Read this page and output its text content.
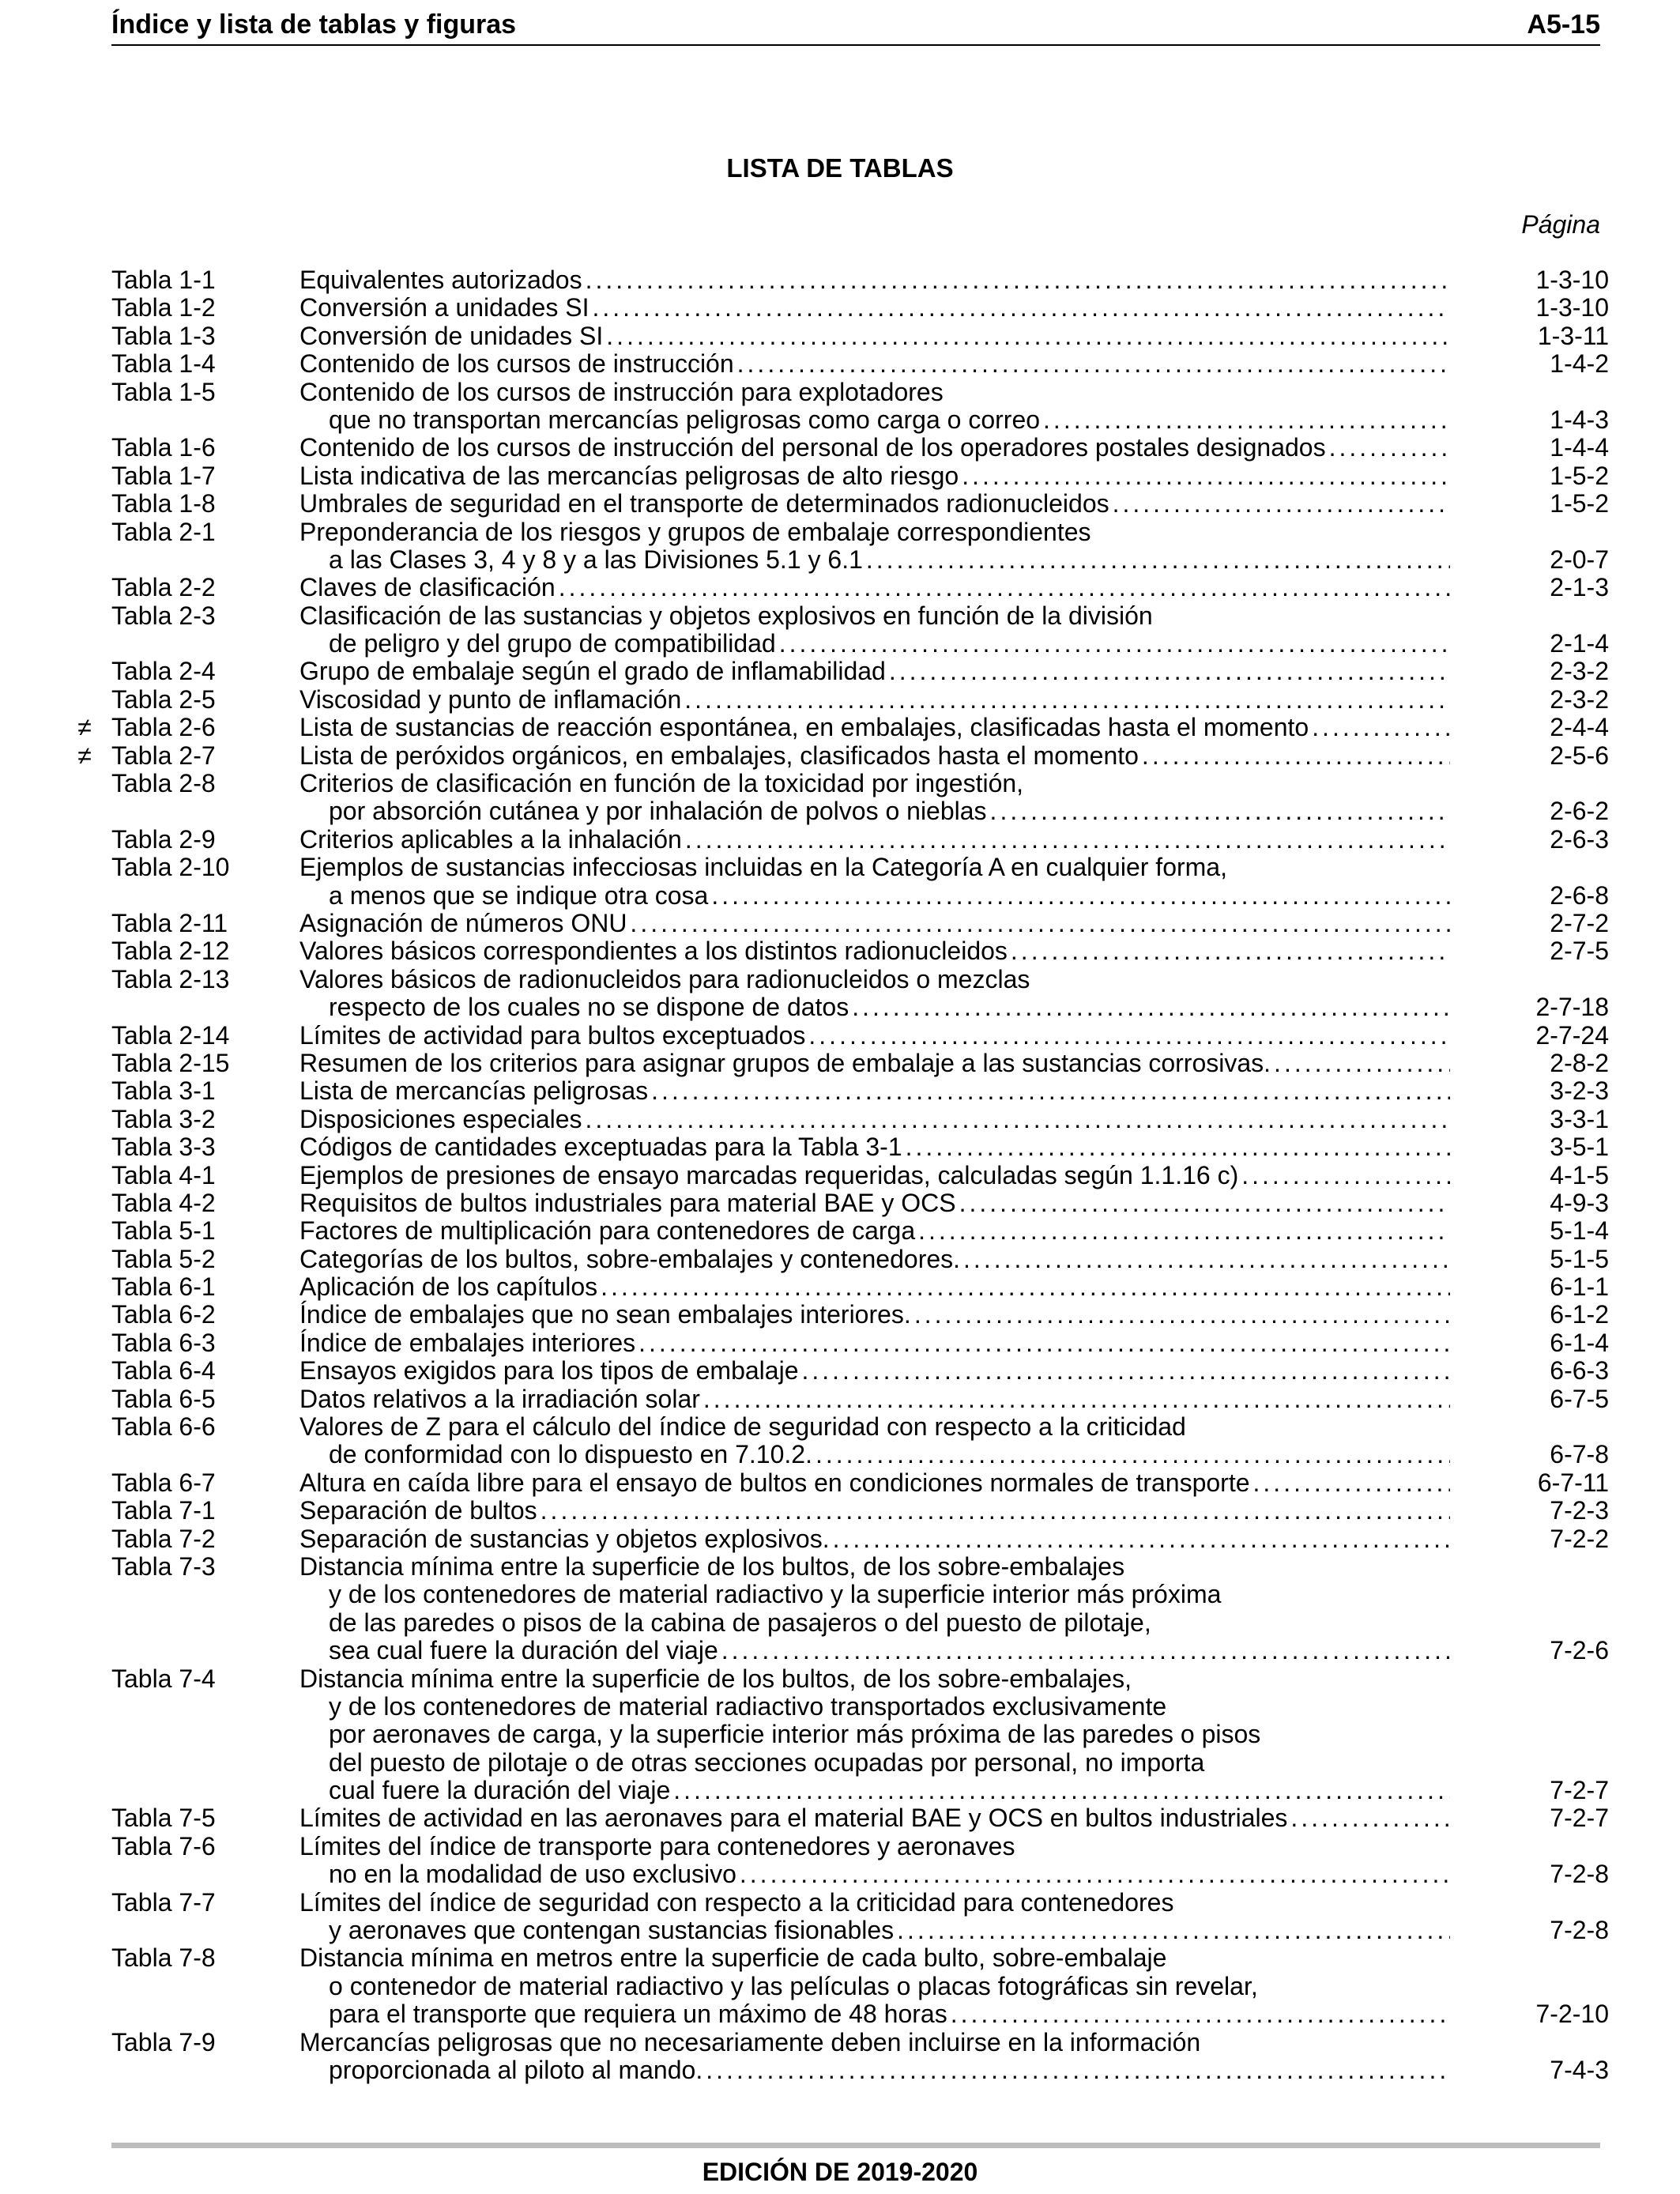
Índice y lista de tablas y figuras	A5-15
LISTA DE TABLAS
Página
Tabla 1-1	Equivalentes autorizados .....	1-3-10
Tabla 1-2	Conversión a unidades SI .....	1-3-10
Tabla 1-3	Conversión de unidades SI .....	1-3-11
Tabla 1-4	Contenido de los cursos de instrucción .....	1-4-2
Tabla 1-5	Contenido de los cursos de instrucción para explotadores
que no transportan mercancías peligrosas como carga o correo .....	1-4-3
Tabla 1-6	Contenido de los cursos de instrucción del personal de los operadores postales designados .....	1-4-4
Tabla 1-7	Lista indicativa de las mercancías peligrosas de alto riesgo .....	1-5-2
Tabla 1-8	Umbrales de seguridad en el transporte de determinados radionucleidos .....	1-5-2
Tabla 2-1	Preponderancia de los riesgos y grupos de embalaje correspondientes
a las Clases 3, 4 y 8 y a las Divisiones 5.1 y 6.1 .....	2-0-7
Tabla 2-2	Claves de clasificación .....	2-1-3
Tabla 2-3	Clasificación de las sustancias y objetos explosivos en función de la división
de peligro y del grupo de compatibilidad .....	2-1-4
Tabla 2-4	Grupo de embalaje según el grado de inflamabilidad .....	2-3-2
Tabla 2-5	Viscosidad y punto de inflamación .....	2-3-2
≠ Tabla 2-6	Lista de sustancias de reacción espontánea, en embalajes, clasificadas hasta el momento .....	2-4-4
≠ Tabla 2-7	Lista de peróxidos orgánicos, en embalajes, clasificados hasta el momento .....	2-5-6
Tabla 2-8	Criterios de clasificación en función de la toxicidad por ingestión,
por absorción cutánea y por inhalación de polvos o nieblas .....	2-6-2
Tabla 2-9	Criterios aplicables a la inhalación .....	2-6-3
Tabla 2-10	Ejemplos de sustancias infecciosas incluidas en la Categoría A en cualquier forma,
a menos que se indique otra cosa .....	2-6-8
Tabla 2-11	Asignación de números ONU .....	2-7-2
Tabla 2-12	Valores básicos correspondientes a los distintos radionucleidos .....	2-7-5
Tabla 2-13	Valores básicos de radionucleidos para radionucleidos o mezclas
respecto de los cuales no se dispone de datos .....	2-7-18
Tabla 2-14	Límites de actividad para bultos exceptuados .....	2-7-24
Tabla 2-15	Resumen de los criterios para asignar grupos de embalaje a las sustancias corrosivas. .....	2-8-2
Tabla 3-1	Lista de mercancías peligrosas .....	3-2-3
Tabla 3-2	Disposiciones especiales .....	3-3-1
Tabla 3-3	Códigos de cantidades exceptuadas para la Tabla 3-1 .....	3-5-1
Tabla 4-1	Ejemplos de presiones de ensayo marcadas requeridas, calculadas según 1.1.16 c) .....	4-1-5
Tabla 4-2	Requisitos de bultos industriales para material BAE y OCS .....	4-9-3
Tabla 5-1	Factores de multiplicación para contenedores de carga .....	5-1-4
Tabla 5-2	Categorías de los bultos, sobre-embalajes y contenedores. .....	5-1-5
Tabla 6-1	Aplicación de los capítulos .....	6-1-1
Tabla 6-2	Índice de embalajes que no sean embalajes interiores. .....	6-1-2
Tabla 6-3	Índice de embalajes interiores .....	6-1-4
Tabla 6-4	Ensayos exigidos para los tipos de embalaje .....	6-6-3
Tabla 6-5	Datos relativos a la irradiación solar .....	6-7-5
Tabla 6-6	Valores de Z para el cálculo del índice de seguridad con respecto a la criticidad
de conformidad con lo dispuesto en 7.10.2. .....	6-7-8
Tabla 6-7	Altura en caída libre para el ensayo de bultos en condiciones normales de transporte .....	6-7-11
Tabla 7-1	Separación de bultos .....	7-2-3
Tabla 7-2	Separación de sustancias y objetos explosivos. .....	7-2-2
Tabla 7-3	Distancia mínima entre la superficie de los bultos, de los sobre-embalajes
y de los contenedores de material radiactivo y la superficie interior más próxima
de las paredes o pisos de la cabina de pasajeros o del puesto de pilotaje,
sea cual fuere la duración del viaje .....	7-2-6
Tabla 7-4	Distancia mínima entre la superficie de los bultos, de los sobre-embalajes,
y de los contenedores de material radiactivo transportados exclusivamente
por aeronaves de carga, y la superficie interior más próxima de las paredes o pisos
del puesto de pilotaje o de otras secciones ocupadas por personal, no importa
cual fuere la duración del viaje .....	7-2-7
Tabla 7-5	Límites de actividad en las aeronaves para el material BAE y OCS en bultos industriales .....	7-2-7
Tabla 7-6	Límites del índice de transporte para contenedores y aeronaves
no en la modalidad de uso exclusivo .....	7-2-8
Tabla 7-7	Límites del índice de seguridad con respecto a la criticidad para contenedores
y aeronaves que contengan sustancias fisionables .....	7-2-8
Tabla 7-8	Distancia mínima en metros entre la superficie de cada bulto, sobre-embalaje
o contenedor de material radiactivo y las películas o placas fotográficas sin revelar,
para el transporte que requiera un máximo de 48 horas .....	7-2-10
Tabla 7-9	Mercancías peligrosas que no necesariamente deben incluirse en la información
proporcionada al piloto al mando. .....	7-4-3
EDICIÓN DE 2019-2020
